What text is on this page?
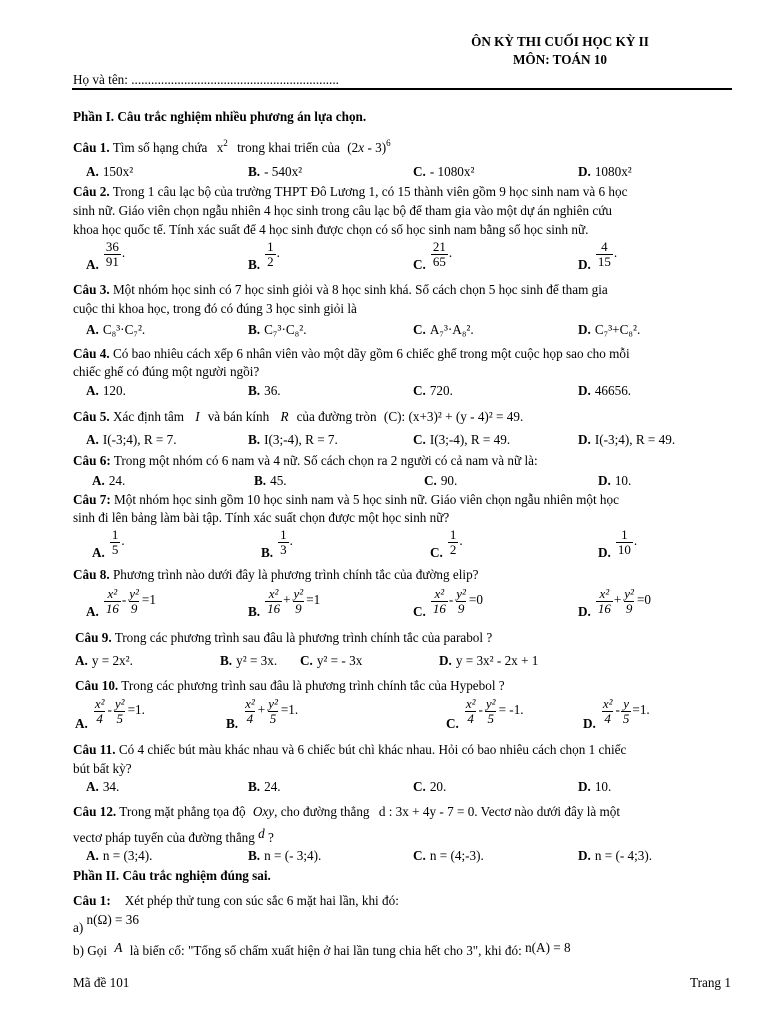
ÔN KỲ THI CUỐI HỌC KỲ II
MÔN: TOÁN 10
Họ và tên: ...............................................................
Phần I. Câu trắc nghiệm nhiều phương án lựa chọn.
Câu 1. Tìm số hạng chứa $x^2$ trong khai triển của (2x - 3)$^6$
A. 150x²	B. - 540x²	C. - 1080x²	D. 1080x²
Câu 2. Trong 1 câu lạc bộ của trường THPT Đô Lương 1, có 15 thành viên gồm 9 học sinh nam và 6 học
sinh nữ. Giáo viên chọn ngẫu nhiên 4 học sinh trong câu lạc bộ để tham gia vào một dự án nghiên cứu
khoa học quốc tế. Tính xác suất để 4 học sinh được chọn có số học sinh nam bằng số học sinh nữ.
A. $\frac{36}{91}$ .
B. $\frac{1}{2}$ .
C. $\frac{21}{65}$ .
D. $\frac{4}{15}$ .
Câu 3. Một nhóm học sinh có 7 học sinh giỏi và 8 học sinh khá. Số cách chọn 5 học sinh để tham gia
cuộc thi khoa học, trong đó có đúng 3 học sinh giỏi là
A. C₈³·C₇².	B. C₇³·C₈².	C. A₇³·A₈².	D. C₇³+C₈².
Câu 4. Có bao nhiêu cách xếp 6 nhân viên vào một dãy gồm 6 chiếc ghế trong một cuộc họp sao cho mỗi
chiếc ghế có đúng một người ngồi?
A. 120.	B. 36.	C. 720.	D. 46656.
Câu 5. Xác định tâm I và bán kính R của đường tròn (C): (x+3)² + (y - 4)² = 49.
A. I(-3;4), R = 7.	B. I(3;-4), R = 7.	C. I(3;-4), R = 49.	D. I(-3;4), R = 49.
Câu 6: Trong một nhóm có 6 nam và 4 nữ. Số cách chọn ra 2 người có cả nam và nữ là:
A. 24.	B. 45.	C. 90.	D. 10.
Câu 7: Một nhóm học sinh gồm 10 học sinh nam và 5 học sinh nữ. Giáo viên chọn ngẫu nhiên một học
sinh đi lên bảng làm bài tập. Tính xác suất chọn được một học sinh nữ?
A. $\frac{1}{5}$ .
B. $\frac{1}{3}$ .
C. $\frac{1}{2}$ .
D. $\frac{1}{10}$ .
Câu 8. Phương trình nào dưới đây là phương trình chính tắc của đường elip?
A. $\frac{\text{x²}}{16} - \frac{\text{y²}}{9} =1$
B. $\frac{\text{x²}}{16} + \frac{\text{y²}}{9} =1$
C. $\frac{\text{x²}}{16} - \frac{\text{y²}}{9} =0$
D. $\frac{\text{x²}}{16} + \frac{\text{y²}}{9} =0$
Câu 9. Trong các phương trình sau đâu là phương trình chính tắc của parabol ?
A. y = 2x².	B. y² = 3x. C. y² = - 3x	D. y = 3x² - 2x + 1
Câu 10. Trong các phương trình sau đâu là phương trình chính tắc của Hypebol ?
A. $\frac{\text{x²}}{4} - \frac{\text{y²}}{5} =1$.
B. $\frac{\text{x²}}{4} + \frac{\text{y²}}{5} =1$.
C. $\frac{\text{x²}}{4} - \frac{\text{y²}}{5} = -1$.
D. $\frac{\text{x²}}{4} - \frac{y}{5} =1$.
Câu 11. Có 4 chiếc bút màu khác nhau và 6 chiếc bút chì khác nhau. Hỏi có bao nhiêu cách chọn 1 chiếc
bút bất kỳ?
A. 34.	B. 24.	C. 20.	D. 10.
Câu 12. Trong mặt phẳng tọa độ Oxy, cho đường thẳng d : 3x + 4y - 7 = 0. Vectơ nào dưới đây là một
vectơ pháp tuyến của đường thẳng d ?
A. n = (3;4).	B. n = (- 3;4).	C. n = (4;-3).	D. n = (- 4;3).
Phần II. Câu trắc nghiệm đúng sai.
Câu 1: Xét phép thử tung con súc sắc 6 mặt hai lần, khi đó:
a) n(Ω) = 36
b) Gọi A là biến cố: "Tổng số chấm xuất hiện ở hai lần tung chia hết cho 3", khi đó: n(A) = 8
Mã đề 101	Trang 1
